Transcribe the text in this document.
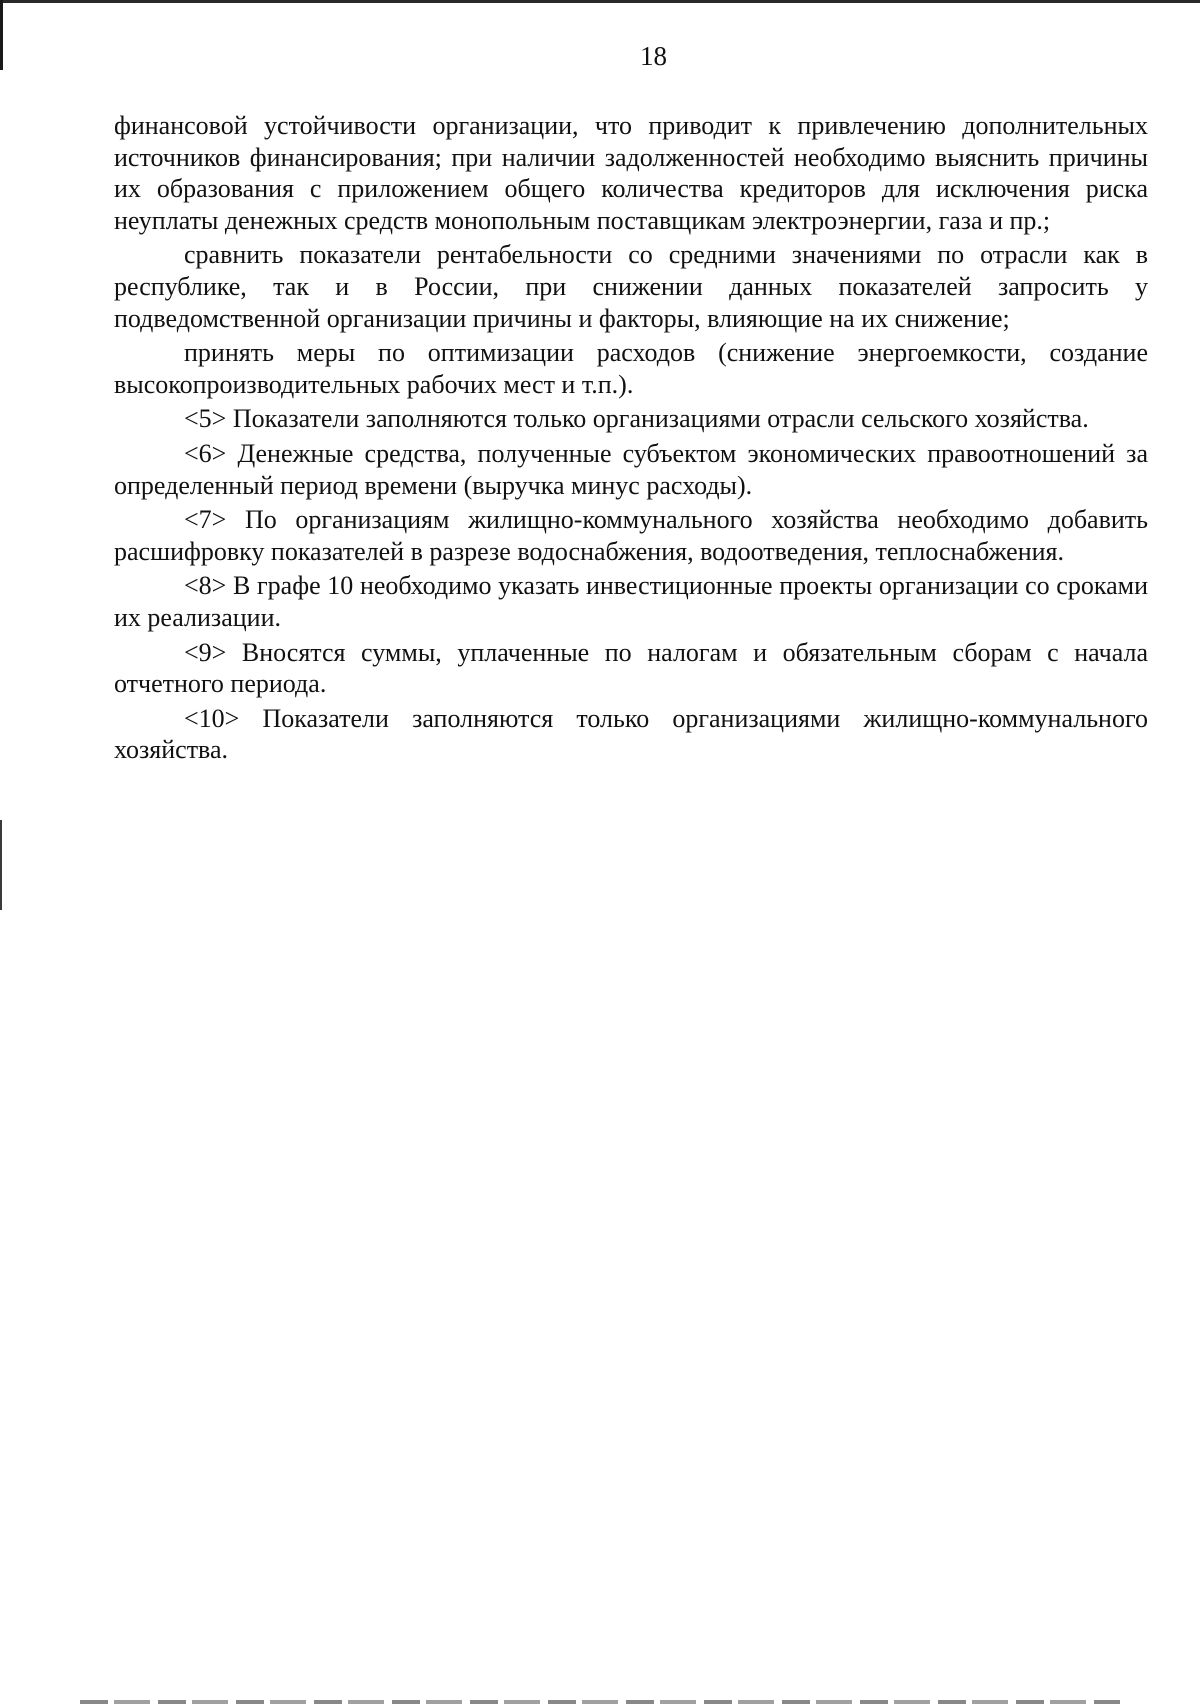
18

финансовой устойчивости организации, что приводит к привлечению дополнительных источников финансирования; при наличии задолженностей необходимо выяснить причины их образования с приложением общего количества кредиторов для исключения риска неуплаты денежных средств монопольным поставщикам электроэнергии, газа и пр.;

сравнить показатели рентабельности со средними значениями по отрасли как в республике, так и в России, при снижении данных показателей запросить у подведомственной организации причины и факторы, влияющие на их снижение;

принять меры по оптимизации расходов (снижение энергоемкости, создание высокопроизводительных рабочих мест и т.п.).

<5> Показатели заполняются только организациями отрасли сельского хозяйства.

<6> Денежные средства, полученные субъектом экономических правоотношений за определенный период времени (выручка минус расходы).

<7> По организациям жилищно-коммунального хозяйства необходимо добавить расшифровку показателей в разрезе водоснабжения, водоотведения, теплоснабжения.

<8> В графе 10 необходимо указать инвестиционные проекты организации со сроками их реализации.

<9> Вносятся суммы, уплаченные по налогам и обязательным сборам с начала отчетного периода.

<10> Показатели заполняются только организациями жилищно-коммунального хозяйства.
